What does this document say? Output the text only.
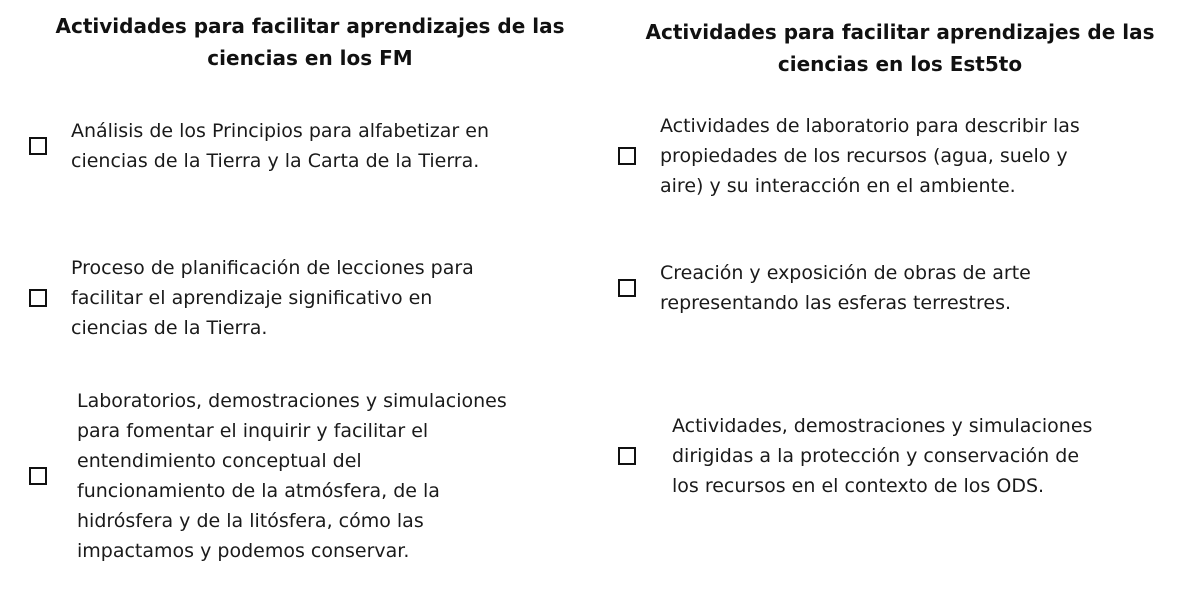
Actividades para facilitar aprendizajes de las
ciencias en los FM
Análisis de los Principios para alfabetizar en
ciencias de la Tierra y la Carta de la Tierra.
Proceso de planificación de lecciones para
facilitar el aprendizaje significativo en
ciencias de la Tierra.
Laboratorios, demostraciones y simulaciones
para fomentar el inquirir y facilitar el
entendimiento conceptual del
funcionamiento de la atmósfera, de la
hidrósfera y de la litósfera, cómo las
impactamos y podemos conservar.
Actividades para facilitar aprendizajes de las
ciencias en los Est5to
Actividades de laboratorio para describir las
propiedades de los recursos (agua, suelo y
aire) y su interacción en el ambiente.
Creación y exposición de obras de arte
representando las esferas terrestres.
Actividades, demostraciones y simulaciones
dirigidas a la protección y conservación de
los recursos en el contexto de los ODS.
